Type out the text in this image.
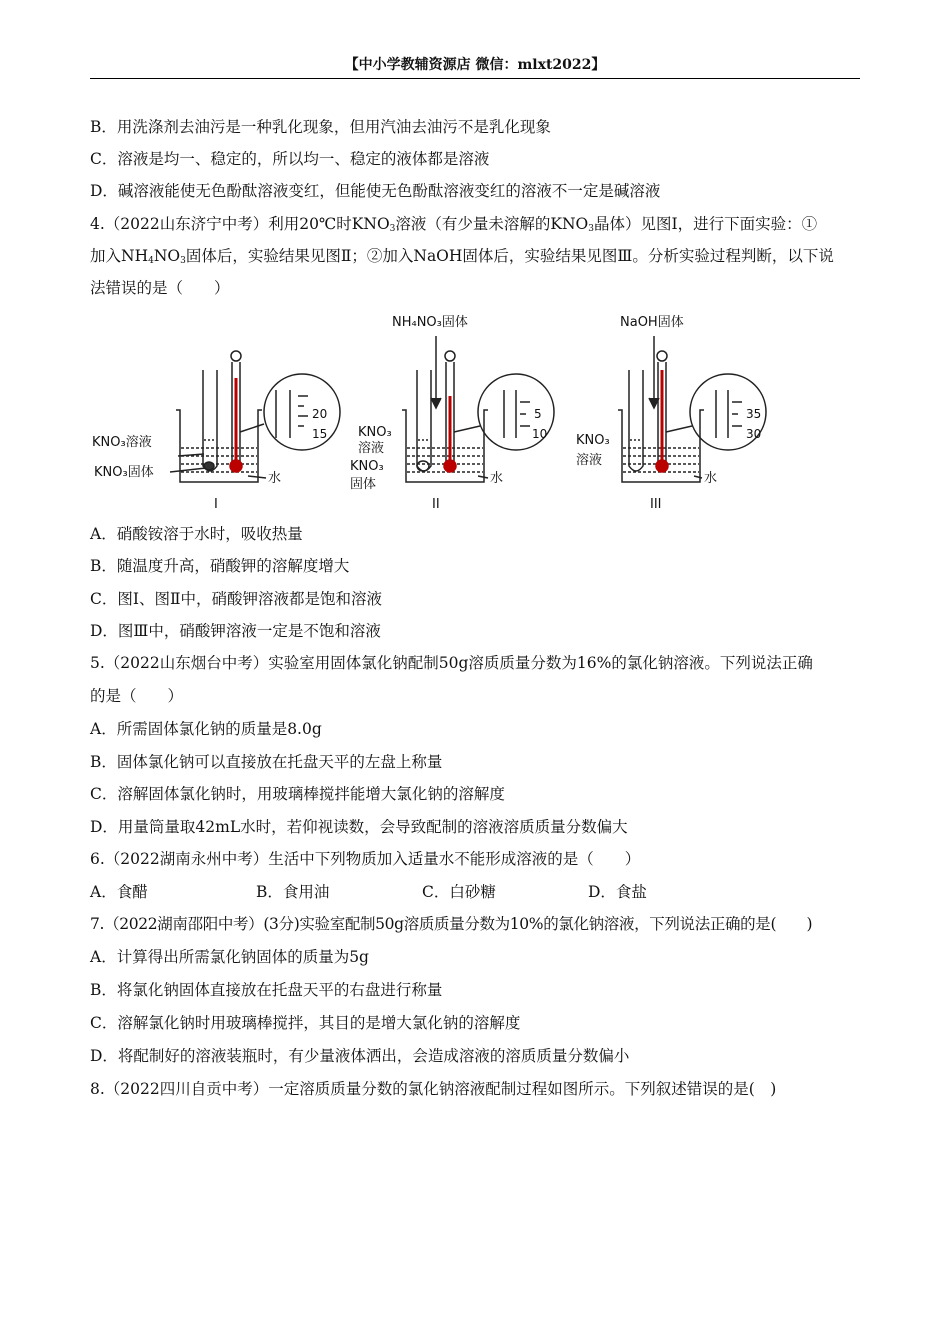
【中小学教辅资源店 微信：mlxt2022】
B．用洗涤剂去油污是一种乳化现象，但用汽油去油污不是乳化现象
C．溶液是均一、稳定的，所以均一、稳定的液体都是溶液
D．碱溶液能使无色酚酞溶液变红，但能使无色酚酞溶液变红的溶液不一定是碱溶液
4.（2022山东济宁中考）利用20℃时$KNO_3$溶液（有少量未溶解的$KNO_3$晶体）见图Ⅰ，进行下面实验：①
加入$NH_4NO_3$固体后，实验结果见图Ⅱ；②加入NaOH固体后，实验结果见图Ⅲ。分析实验过程判断，以下说
法错误的是（　　）
KNO₃溶液
KNO₃固体	水
20
15
I
NH₄NO₃固体
KNO₃
溶液
KNO₃
固体	水
5
10
II
NaOH固体
KNO₃
溶液
水
35
30
III
A．硝酸铵溶于水时，吸收热量
B．随温度升高，硝酸钾的溶解度增大
C．图Ⅰ、图Ⅱ中，硝酸钾溶液都是饱和溶液
D．图Ⅲ中，硝酸钾溶液一定是不饱和溶液
5.（2022山东烟台中考）实验室用固体氯化钠配制50g溶质质量分数为16%的氯化钠溶液。下列说法正确
的是（　　）
A．所需固体氯化钠的质量是8.0g
B．固体氯化钠可以直接放在托盘天平的左盘上称量
C．溶解固体氯化钠时，用玻璃棒搅拌能增大氯化钠的溶解度
D．用量筒量取42mL水时，若仰视读数，会导致配制的溶液溶质质量分数偏大
6.（2022湖南永州中考）生活中下列物质加入适量水不能形成溶液的是（　　）
A．食醋	B．食用油	C．白砂糖	D．食盐
7.（2022湖南邵阳中考）(3分)实验室配制50g溶质质量分数为10%的氯化钠溶液，下列说法正确的是(　　)
A．计算得出所需氯化钠固体的质量为5g
B．将氯化钠固体直接放在托盘天平的右盘进行称量
C．溶解氯化钠时用玻璃棒搅拌，其目的是增大氯化钠的溶解度
D．将配制好的溶液装瓶时，有少量液体洒出，会造成溶液的溶质质量分数偏小
8.（2022四川自贡中考）一定溶质质量分数的氯化钠溶液配制过程如图所示。下列叙述错误的是(　)
